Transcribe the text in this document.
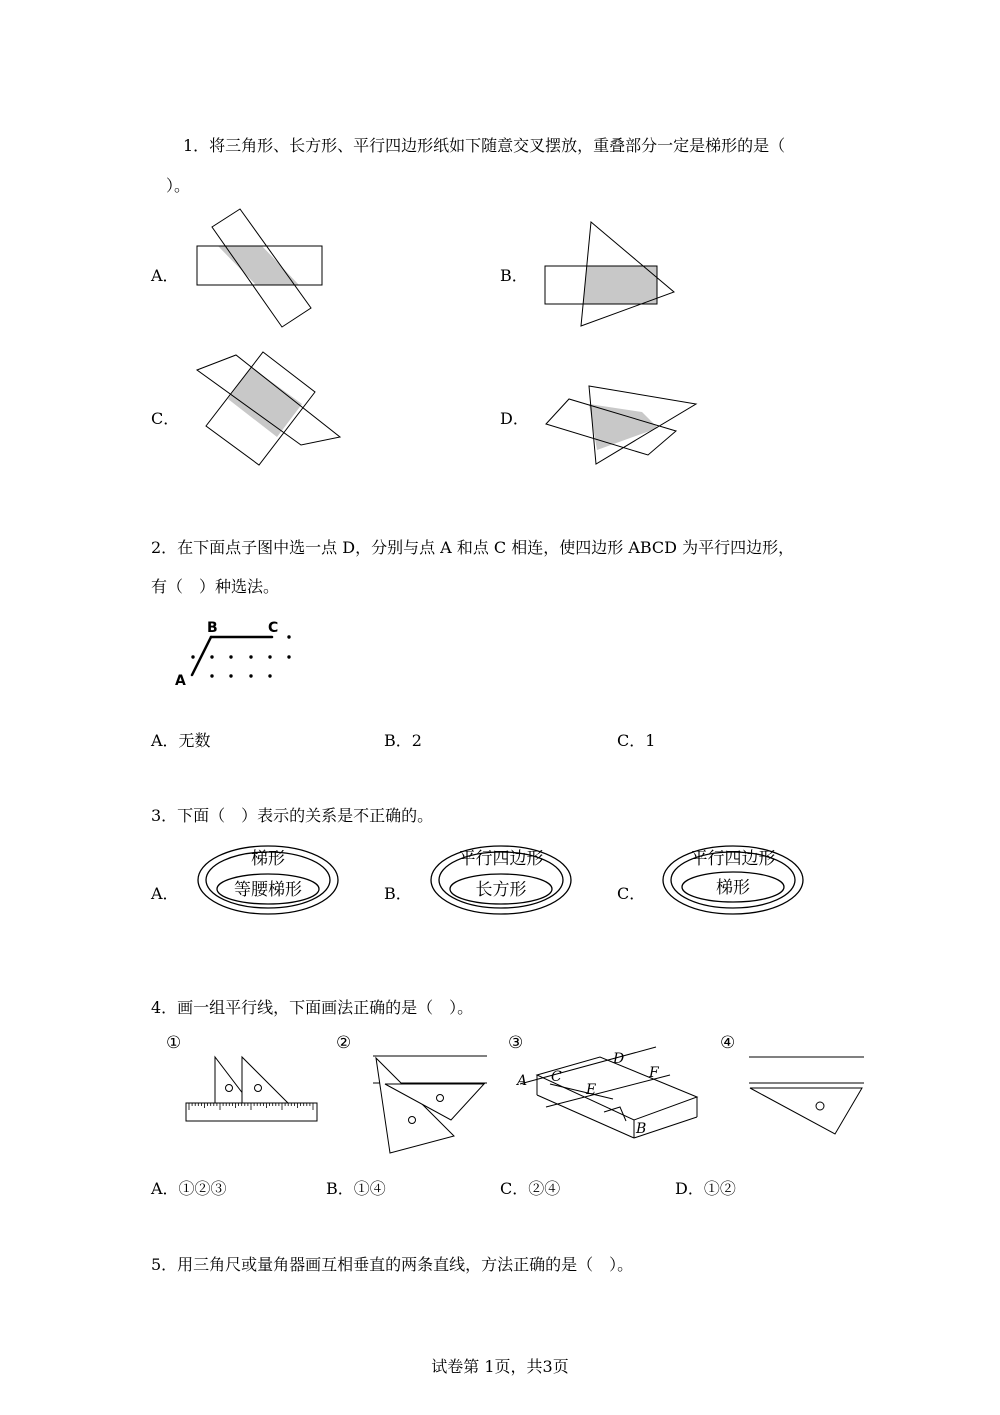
1．将三角形、长方形、平行四边形纸如下随意交叉摆放，重叠部分一定是梯形的是（
）。
A．	B．
C．	D．
2．在下面点子图中选一点 D，分别与点 A 和点 C 相连，使四边形 ABCD 为平行四边形，
有（　）种选法。
A
B	C
A．无数	B．2	C．1
3．下面（　）表示的关系是不正确的。
A．
梯形
等腰梯形	B．
平行四边形
长方形	C．
平行四边形
梯形
4．画一组平行线，下面画法正确的是（　）。
①	②	③
A C
D
E
F
B
④
A．①②③	B．①④	C．②④	D．①②
5．用三角尺或量角器画互相垂直的两条直线，方法正确的是（　）。
试卷第 1页，共3页
